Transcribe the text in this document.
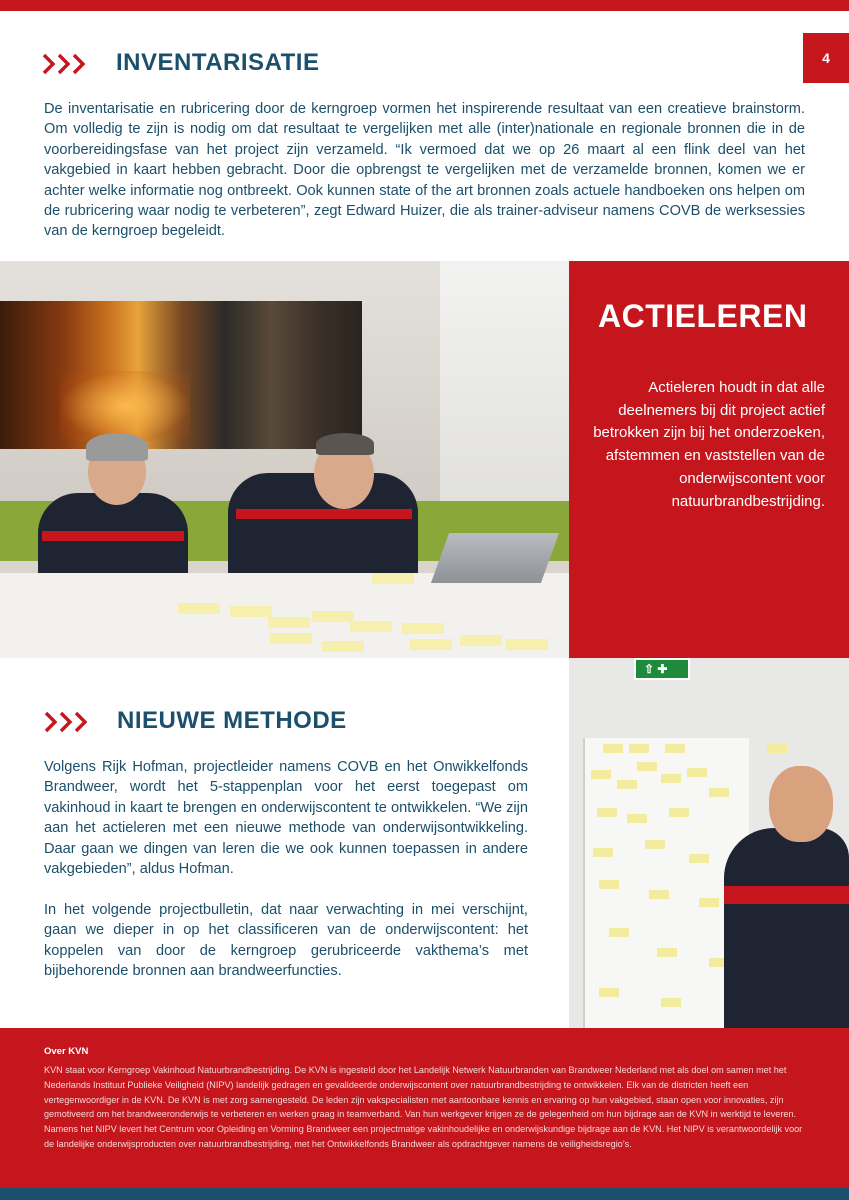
4
INVENTARISATIE
De inventarisatie en rubricering door de kerngroep vormen het inspirerende resultaat van een creatieve brainstorm. Om volledig te zijn is nodig om dat resultaat te vergelijken met alle (inter)nationale en regionale bronnen die in de voorbereidingsfase van het project zijn verzameld. “Ik vermoed dat we op 26 maart al een flink deel van het vakgebied in kaart hebben gebracht. Door die opbrengst te vergelijken met de verzamelde bronnen, komen we er achter welke informatie nog ontbreekt. Ook kunnen state of the art bronnen zoals actuele handboeken ons helpen om de rubricering waar nodig te verbeteren”, zegt Edward Huizer, die als trainer-adviseur namens COVB de werksessies van de kerngroep begeleidt.
ACTIELEREN
Actieleren houdt in dat alle deelnemers bij dit project actief betrokken zijn bij het onderzoeken, afstemmen en vaststellen van de onderwijscontent voor natuurbrandbestrijding.
NIEUWE METHODE
Volgens Rijk Hofman, projectleider namens COVB en het Onwikkelfonds Brandweer, wordt het 5-stappenplan voor het eerst toegepast om vakinhoud in kaart te brengen en onderwijscontent te ontwikkelen. “We zijn aan het actieleren met een nieuwe methode van onderwijsontwikkeling. Daar gaan we dingen van leren die we ook kunnen toepassen in andere vakgebieden”, aldus Hofman.
In het volgende projectbulletin, dat naar verwachting in mei verschijnt, gaan we dieper in op het classificeren van de onderwijscontent: het koppelen van door de kerngroep gerubriceerde vakthema’s met bijbehorende bronnen aan brandweerfuncties.
⇧ ✚
Over KVN
KVN staat voor Kerngroep Vakinhoud Natuurbrandbestrijding. De KVN is ingesteld door het Landelijk Netwerk Natuurbranden van Brandweer Nederland met als doel om samen met het Nederlands Instituut Publieke Veiligheid (NIPV) landelijk gedragen en gevalideerde onderwijscontent over natuurbrandbestrijding te ontwikkelen. Elk van de districten heeft een vertegenwoordiger in de KVN. De KVN is met zorg samengesteld. De leden zijn vakspecialisten met aantoonbare kennis en ervaring op hun vakgebied, staan open voor innovaties, zijn gemotiveerd om het brandweeronderwijs te verbeteren en werken graag in teamverband. Van hun werkgever krijgen ze de gelegenheid om hun bijdrage aan de KVN in werktijd te leveren. Namens het NIPV levert het Centrum voor Opleiding en Vorming Brandweer een projectmatige vakinhoudelijke en onderwijskundige bijdrage aan de KVN. Het NIPV is verantwoordelijk voor de landelijke onderwijsproducten over natuurbrandbestrijding, met het Ontwikkelfonds Brandweer als opdrachtgever namens de veiligheidsregio’s.
